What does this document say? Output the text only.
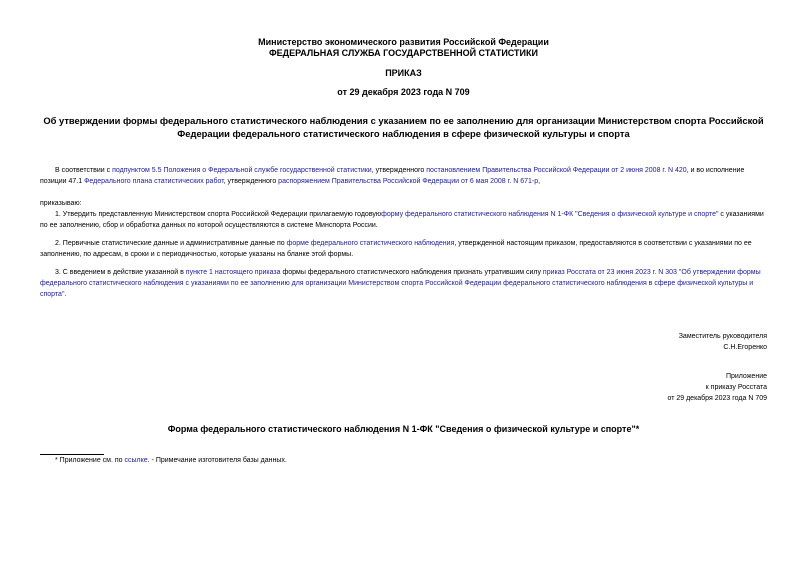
Министерство экономического развития Российской Федерации
ФЕДЕРАЛЬНАЯ СЛУЖБА ГОСУДАРСТВЕННОЙ СТАТИСТИКИ
ПРИКАЗ
от 29 декабря 2023 года N 709
Об утверждении формы федерального статистического наблюдения с указанием по ее заполнению для организации Министерством спорта Российской Федерации федерального статистического наблюдения в сфере физической культуры и спорта
В соответствии с подпунктом 5.5 Положения о Федеральной службе государственной статистики, утвержденного постановлением Правительства Российской Федерации от 2 июня 2008 г. N 420, и во исполнение позиции 47.1 Федерального плана статистических работ, утвержденного распоряжением Правительства Российской Федерации от 6 мая 2008 г. N 671-р,
приказываю:
1. Утвердить представленную Министерством спорта Российской Федерации прилагаемую годовуюформу федерального статистического наблюдения N 1-ФК "Сведения о физической культуре и спорте" с указаниями по ее заполнению, сбор и обработка данных по которой осуществляются в системе Минспорта России.
2. Первичные статистические данные и административные данные по форме федерального статистического наблюдения, утвержденной настоящим приказом, предоставляются в соответствии с указаниями по ее заполнению, по адресам, в сроки и с периодичностью, которые указаны на бланке этой формы.
3. С введением в действие указанной в пункте 1 настоящего приказа формы федерального статистического наблюдения признать утратившим силу приказ Росстата от 23 июня 2023 г. N 303 "Об утверждении формы федерального статистического наблюдения с указаниями по ее заполнению для организации Министерством спорта Российской Федерации федерального статистического наблюдения в сфере физической культуры и спорта".
Заместитель руководителя
С.Н.Егоренко
Приложение
к приказу Росстата
от 29 декабря 2023 года N 709
Форма федерального статистического наблюдения N 1-ФК "Сведения о физической культуре и спорте"*
* Приложение см. по ссылке. - Примечание изготовителя базы данных.
